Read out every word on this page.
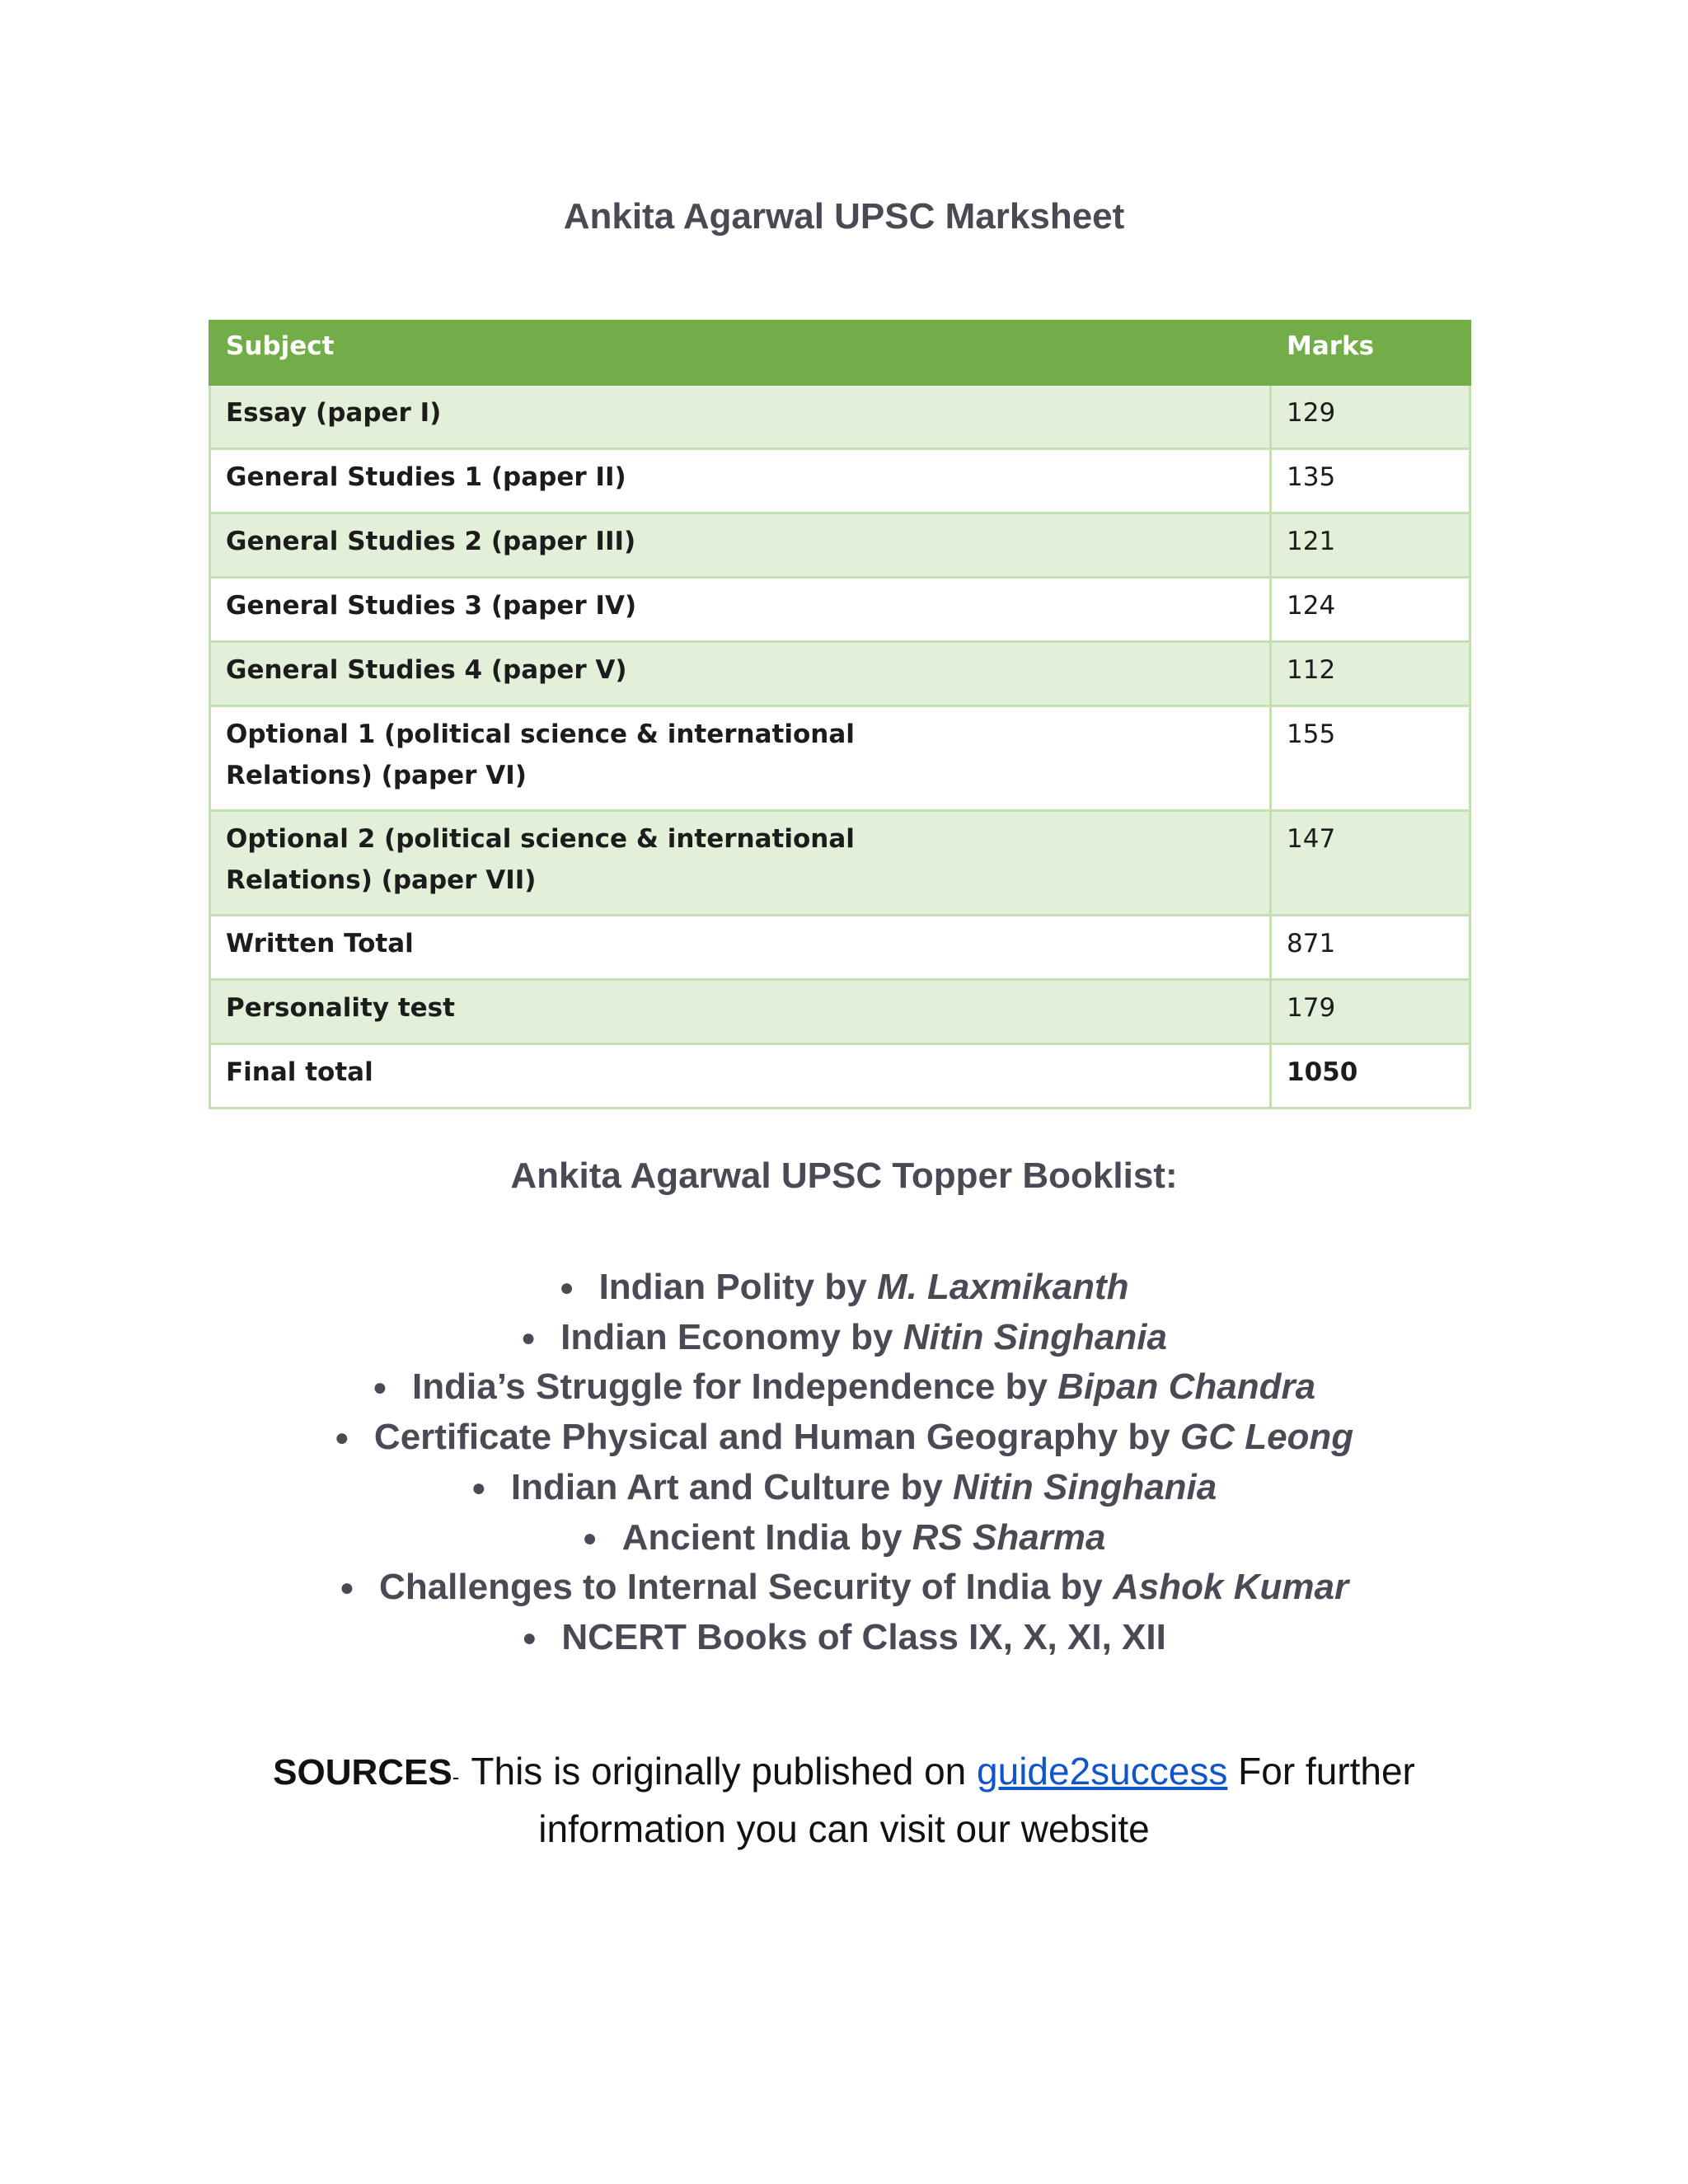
Ankita Agarwal UPSC Marksheet
Subject	Marks
Essay (paper I)	129
General Studies 1 (paper II)	135
General Studies 2 (paper III)	121
General Studies 3 (paper IV)	124
General Studies 4 (paper V)	112

Optional 1 (political science & international
Relations) (paper VI)	155

Optional 2 (political science & international
Relations) (paper VII)	147
Written Total	871
Personality test	179
Final total	1050
Ankita Agarwal UPSC Topper Booklist:
● Indian Polity by M. Laxmikanth
● Indian Economy by Nitin Singhania
● India’s Struggle for Independence by Bipan Chandra
● Certificate Physical and Human Geography by GC Leong
● Indian Art and Culture by Nitin Singhania
● Ancient India by RS Sharma
● Challenges to Internal Security of India by Ashok Kumar
● NCERT Books of Class IX, X, XI, XII

SOURCES- This is originally published on guide2success For further
information you can visit our website
